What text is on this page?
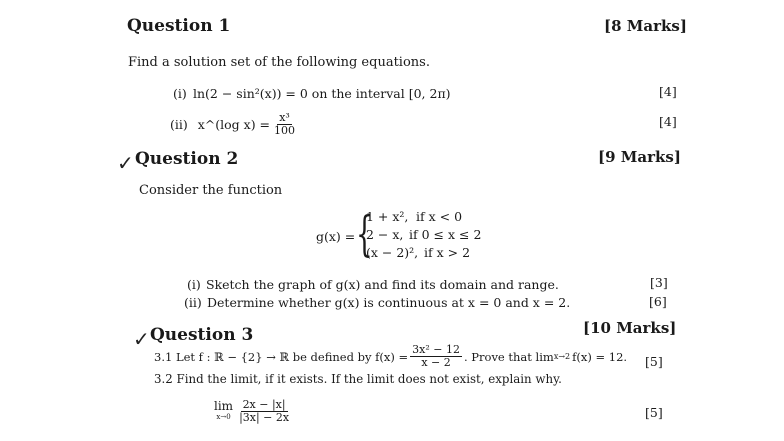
Question 1	[8 Marks]
Find a solution set of the following equations.
(i) ln(2 − sin²(x)) = 0 on the interval [0, 2π)	[4]
(ii) x^(log $x) = \frac{\text{x³}}{100}$	[4]
✓ Question 2	[9 Marks]
Consider the function
g(x) = {
1 + x², if x < 0
2 − x, if 0 ≤ x ≤ 2
(x − 2)², if x > 2
(i) Sketch the graph of g(x) and find its domain and range.	[3]
(ii) Determine whether g(x) is continuous at x = 0 and x = 2.	[6]
✓ Question 3	[10 Marks]
3.1 Let f : ℝ − {2} → ℝ be defined by $f(x) = \frac{\text{3x² − 12}}{x - 2}$ . Prove that lim x→2 f(x) = 12. [5]
3.2 Find the limit, if it exists. If the limit does not exist, explain why.
lim
$x\to 0 \frac{2x - |x|}{|3x| - 2x}$	[5]
